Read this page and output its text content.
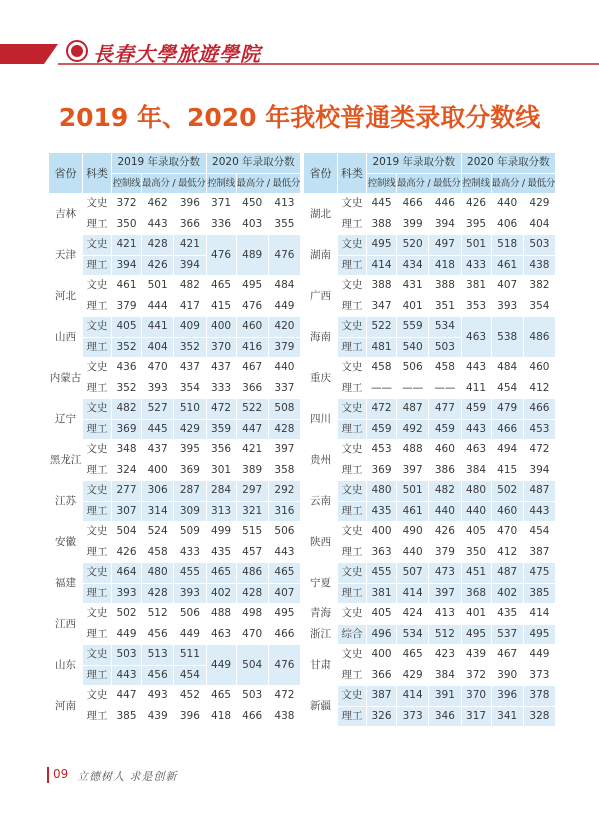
長春大學旅遊學院
2019 年、2020 年我校普通类录取分数线
省份	科类	2019 年录取分数			2020 年录取分数		
		控制线	最高分 / 最低分		控制线	最高分 / 最低分	
吉林	文史	372	462	396	371	450	413
	理工	350	443	366	336	403	355
天津	文史	421	428	421	476	489	476
	理工	394	426	394			
河北	文史	461	501	482	465	495	484
	理工	379	444	417	415	476	449
山西	文史	405	441	409	400	460	420
	理工	352	404	352	370	416	379
内蒙古	文史	436	470	437	437	467	440
	理工	352	393	354	333	366	337
辽宁	文史	482	527	510	472	522	508
	理工	369	445	429	359	447	428
黑龙江	文史	348	437	395	356	421	397
	理工	324	400	369	301	389	358
江苏	文史	277	306	287	284	297	292
	理工	307	314	309	313	321	316
安徽	文史	504	524	509	499	515	506
	理工	426	458	433	435	457	443
福建	文史	464	480	455	465	486	465
	理工	393	428	393	402	428	407
江西	文史	502	512	506	488	498	495
	理工	449	456	449	463	470	466
山东	文史	503	513	511	449	504	476
	理工	443	456	454			
河南	文史	447	493	452	465	503	472
	理工	385	439	396	418	466	438
省份	科类	2019 年录取分数			2020 年录取分数		
		控制线	最高分 / 最低分		控制线	最高分 / 最低分	
湖北	文史	445	466	446	426	440	429
	理工	388	399	394	395	406	404
湖南	文史	495	520	497	501	518	503
	理工	414	434	418	433	461	438
广西	文史	388	431	388	381	407	382
	理工	347	401	351	353	393	354
海南	文史	522	559	534	463	538	486
	理工	481	540	503			
重庆	文史	458	506	458	443	484	460
	理工	——	——	——	411	454	412
四川	文史	472	487	477	459	479	466
	理工	459	492	459	443	466	453
贵州	文史	453	488	460	463	494	472
	理工	369	397	386	384	415	394
云南	文史	480	501	482	480	502	487
	理工	435	461	440	440	460	443
陕西	文史	400	490	426	405	470	454
	理工	363	440	379	350	412	387
宁夏	文史	455	507	473	451	487	475
	理工	381	414	397	368	402	385
青海	文史	405	424	413	401	435	414
浙江	综合	496	534	512	495	537	495
甘肃	文史	400	465	423	439	467	449
	理工	366	429	384	372	390	373
新疆	文史	387	414	391	370	396	378
	理工	326	373	346	317	341	328
09 立德树人 求是创新
